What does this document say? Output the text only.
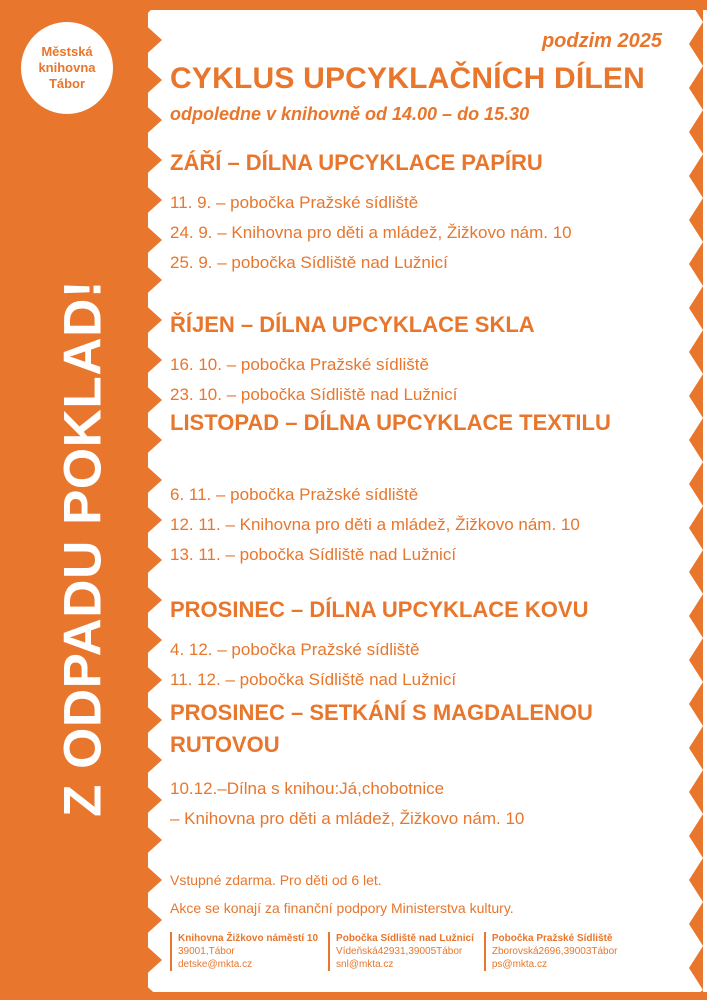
Městská
knihovna
Tábor
Z ODPADU POKLAD!
podzim 2025
CYKLUS UPCYKLAČNÍCH DÍLEN
odpoledne v knihovně od 14.00 – do 15.30
ZÁŘÍ – DÍLNA UPCYKLACE PAPÍRU
11. 9. – pobočka Pražské sídliště
24. 9. – Knihovna pro děti a mládež, Žižkovo nám. 10
25. 9. – pobočka Sídliště nad Lužnicí
ŘÍJEN – DÍLNA UPCYKLACE SKLA
16. 10. – pobočka Pražské sídliště
23. 10. – pobočka Sídliště nad Lužnicí
LISTOPAD – DÍLNA UPCYKLACE TEXTILU
6. 11. – pobočka Pražské sídliště
12. 11. – Knihovna pro děti a mládež, Žižkovo nám. 10
13. 11. – pobočka Sídliště nad Lužnicí
PROSINEC – DÍLNA UPCYKLACE KOVU
4. 12. – pobočka Pražské sídliště
11. 12. – pobočka Sídliště nad Lužnicí
PROSINEC – SETKÁNÍ S MAGDALENOU
RUTOVOU
10.12.–Dílna s knihou:Já,chobotnice
– Knihovna pro děti a mládež, Žižkovo nám. 10
Vstupné zdarma. Pro děti od 6 let.
Akce se konají za finanční podpory Ministerstva kultury.
Knihovna Žižkovo náměstí 10
39001,Tábor
detske@mkta.cz
Pobočka Sídliště nad Lužnicí
Vídeňská42931,39005Tábor
snl@mkta.cz
Pobočka Pražské Sídliště
Zborovská2696,39003Tábor
ps@mkta.cz
